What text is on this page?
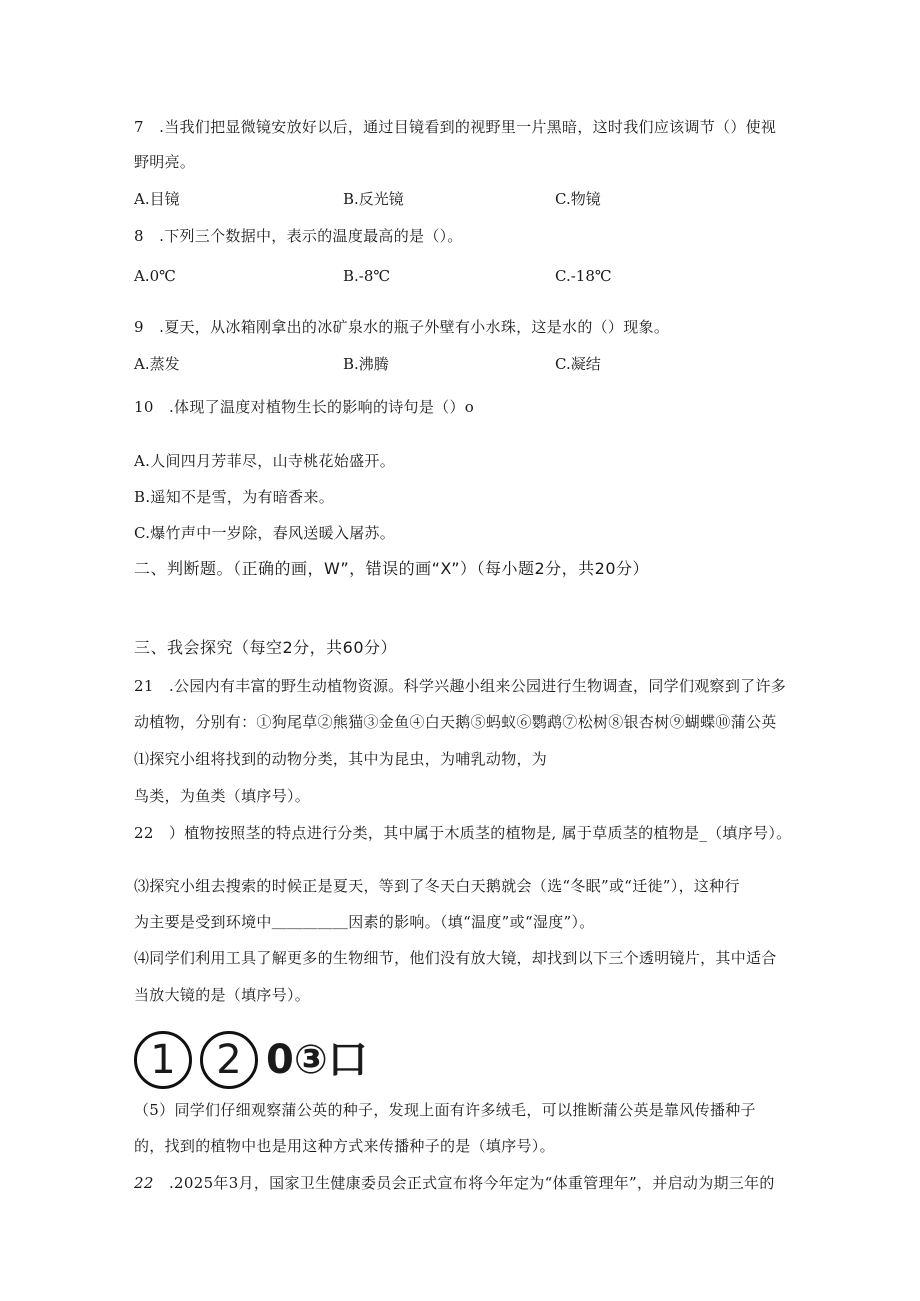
7　.当我们把显微镜安放好以后，通过目镜看到的视野里一片黑暗，这时我们应该调节（）使视
野明亮。
A.目镜	B.反光镜	C.物镜
8　.下列三个数据中，表示的温度最高的是（）。
A.0℃	B.-8℃	C.-18℃
9　.夏天，从冰箱刚拿出的冰矿泉水的瓶子外壁有小水珠，这是水的（）现象。
A.蒸发	B.沸腾	C.凝结
10　.体现了温度对植物生长的影响的诗句是（）o
A.人间四月芳菲尽，山寺桃花始盛开。
B.遥知不是雪，为有暗香来。
C.爆竹声中一岁除，春风送暖入屠苏。
二、判断题。（正确的画，W”，错误的画“X”）（每小题2分，共20分）
三、我会探究（每空2分，共60分）
21　.公园内有丰富的野生动植物资源。科学兴趣小组来公园进行生物调查，同学们观察到了许多
动植物，分别有：①狗尾草②熊猫③金鱼④白天鹅⑤蚂蚁⑥鹦鹉⑦松树⑧银杏树⑨蝴蝶⑩蒲公英
⑴探究小组将找到的动物分类，其中为昆虫，为哺乳动物，为
鸟类，为鱼类（填序号）。
22　）植物按照茎的特点进行分类，其中属于木质茎的植物是, 属于草质茎的植物是_（填序号）。
⑶探究小组去搜索的时候正是夏天，等到了冬天白天鹅就会（选“冬眠”或“迁徙”），这种行
为主要是受到环境中＿＿＿＿＿因素的影响。（填“温度”或“湿度”）。
⑷同学们利用工具了解更多的生物细节，他们没有放大镜，却找到以下三个透明镜片，其中适合
当放大镜的是（填序号）。
1	2 0③口
（5）同学们仔细观察蒲公英的种子，发现上面有许多绒毛，可以推断蒲公英是靠风传播种子
的，找到的植物中也是用这种方式来传播种子的是（填序号）。
22　.2025年3月，国家卫生健康委员会正式宣布将今年定为“体重管理年”，并启动为期三年的
